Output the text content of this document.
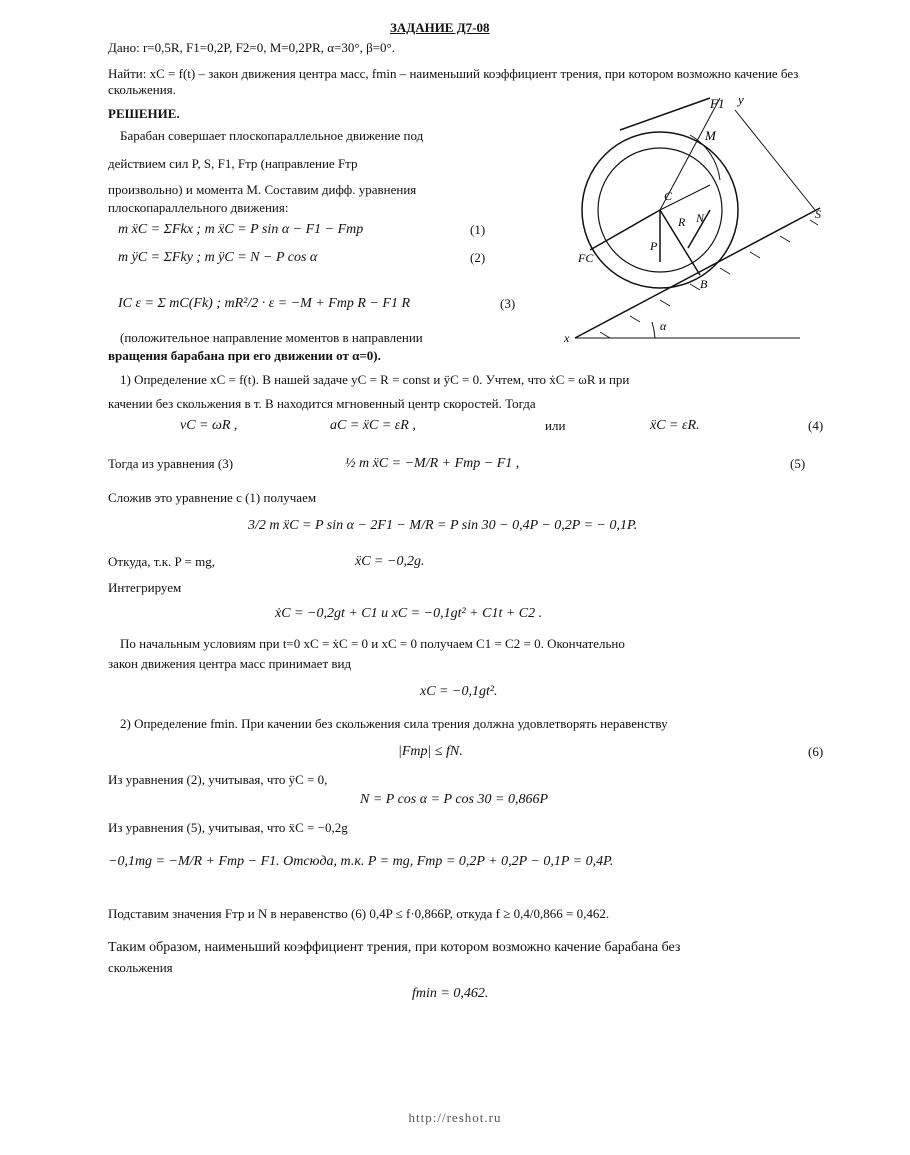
ЗАДАНИЕ Д7-08
Дано: r=0,5R, F1=0,2P, F2=0, M=0,2PR, α=30°, β=0°.
Найти: xC = f(t) – закон движения центра масс, fmin – наименьший коэффициент трения, при котором возможно качение без скольжения.
РЕШЕНИЕ.
Барабан совершает плоскопараллельное движение под
действием сил P, S, F1, Fтр (направление Fтр
произвольно) и момента M. Составим дифф. уравнения
плоскопараллельного движения:
m ẍC = ΣFkx ; m ẍC = P sin α − F1 − Fтр	(1)
m ÿC = ΣFky ; m ÿC = N − P cos α	(2)
IC ε = Σ mC(Fk) ; mR²/2 · ε = −M + Fтр R − F1 R	(3)
(положительное направление моментов в направлении
вращения барабана при его движении от α=0).
F1 y
M
C
R
P
N	S
FC
B
x
α
1) Определение xC = f(t). В нашей задаче yC = R = const и ÿC = 0. Учтем, что ẋC = ωR и при
качении без скольжения в т. В находится мгновенный центр скоростей. Тогда
vC = ωR ,	aC = ẍC = εR ,	или	ẍC = εR.	(4)
Тогда из уравнения (3)	½ m ẍC = −M/R + Fтр − F1 ,	(5)
Сложив это уравнение с (1) получаем
3/2 m ẍC = P sin α − 2F1 − M/R = P sin 30 − 0,4P − 0,2P = − 0,1P.
Откуда, т.к. P = mg,	ẍC = −0,2g.
Интегрируем
ẋC = −0,2gt + C1 и xC = −0,1gt² + C1t + C2 .
По начальным условиям при t=0 xC = ẋC = 0 и xC = 0 получаем C1 = C2 = 0. Окончательно
закон движения центра масс принимает вид
xC = −0,1gt².
2) Определение fmin. При качении без скольжения сила трения должна удовлетворять неравенству
|Fтр| ≤ fN.	(6)
Из уравнения (2), учитывая, что ÿC = 0,
N = P cos α = P cos 30 = 0,866P
Из уравнения (5), учитывая, что ẍC = −0,2g
−0,1mg = −M/R + Fтр − F1. Отсюда, т.к. P = mg, Fтр = 0,2P + 0,2P − 0,1P = 0,4P.
Подставим значения Fтр и N в неравенство (6) 0,4P ≤ f·0,866P, откуда f ≥ 0,4/0,866 = 0,462.
Таким образом, наименьший коэффициент трения, при котором возможно качение барабана без
скольжения
fmin = 0,462.
http://reshot.ru
